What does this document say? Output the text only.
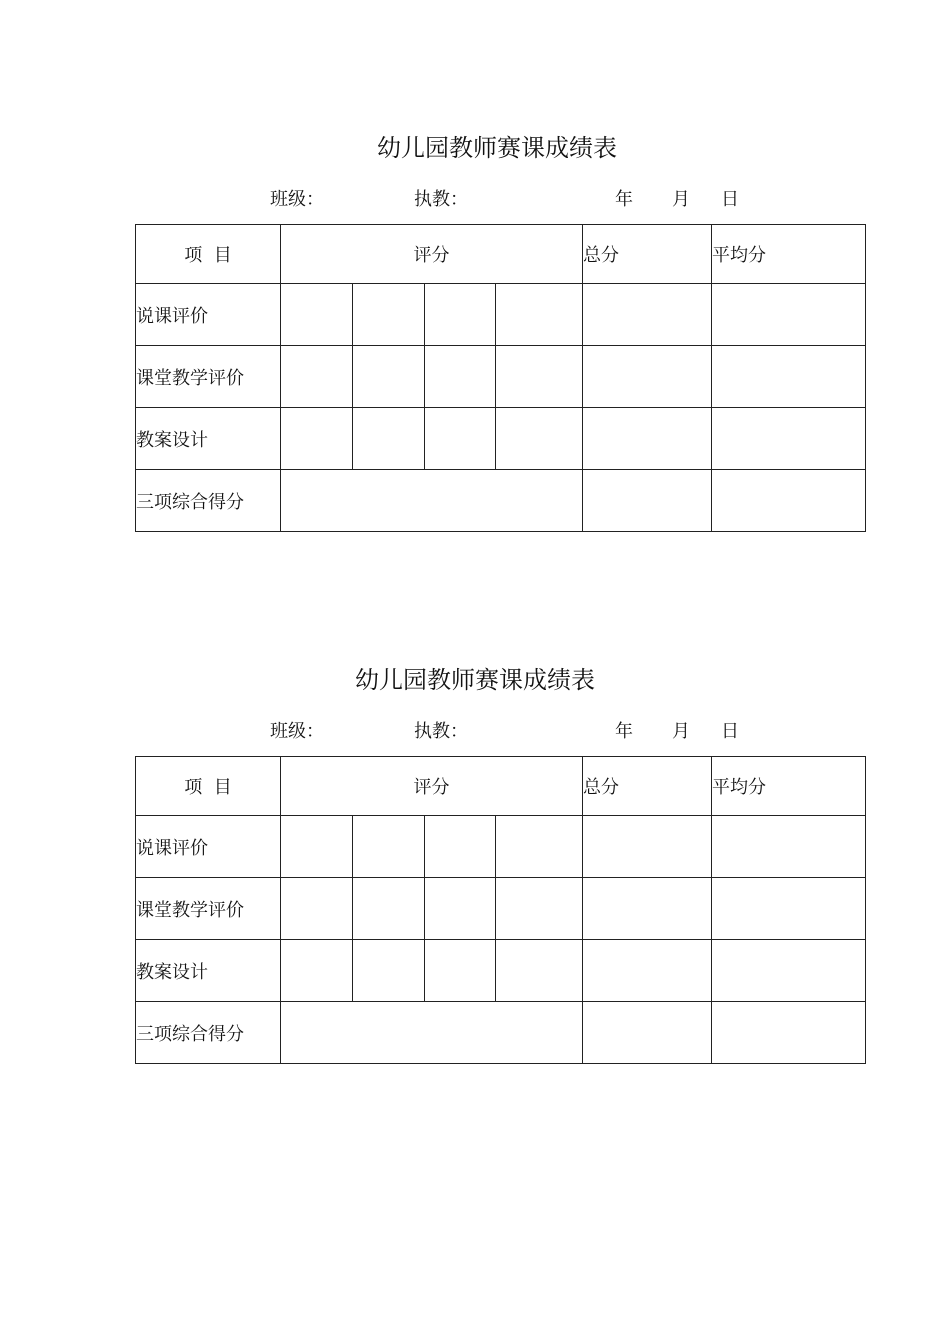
幼儿园教师赛课成绩表
班级：	执教：	年 月 日
项  目	评分				总分	平均分
说课评价						
课堂教学评价						
教案设计						
三项综合得分						
幼儿园教师赛课成绩表
班级：	执教：	年 月 日
项  目	评分				总分	平均分
说课评价						
课堂教学评价						
教案设计						
三项综合得分						
